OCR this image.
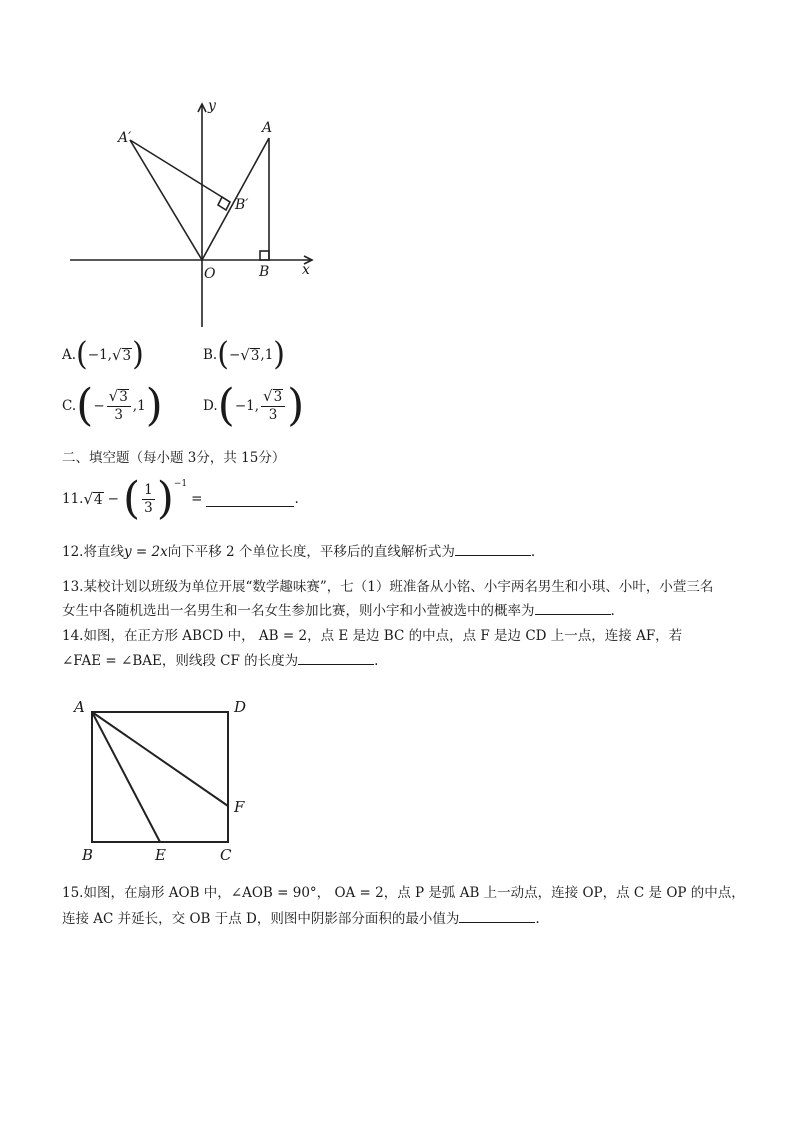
y
x
O
A
B
A′
B′
A. ( −1, √ 3 )	B. ( − √ 3 ,1 )
C. ( − $\frac{√ 3}{3} ,1$ )	D. ( −1, $\frac{√ 3}{3}$ )
二、填空题（每小题 3分，共 15分）
11. √ 4 − ( $\frac{1}{3} )^{-1}$
=	.
12.将直线y = 2x向下平移 2 个单位长度，平移后的直线解析式为	.
13.某校计划以班级为单位开展“数学趣味赛”，七（1）班准备从小铭、小宇两名男生和小琪、小叶，小萱三名
女生中各随机选出一名男生和一名女生参加比赛，则小宇和小萱被选中的概率为	.
14.如图，在正方形 ABCD 中， AB = 2，点 E 是边 BC 的中点，点 F 是边 CD 上一点，连接 AF，若
∠FAE = ∠BAE，则线段 CF 的长度为	.
A	D
B	E	C
F
15.如图，在扇形 AOB 中，∠AOB = 90°， OA = 2，点 P 是弧 AB 上一动点，连接 OP，点 C 是 OP 的中点，
连接 AC 并延长，交 OB 于点 D，则图中阴影部分面积的最小值为	.
